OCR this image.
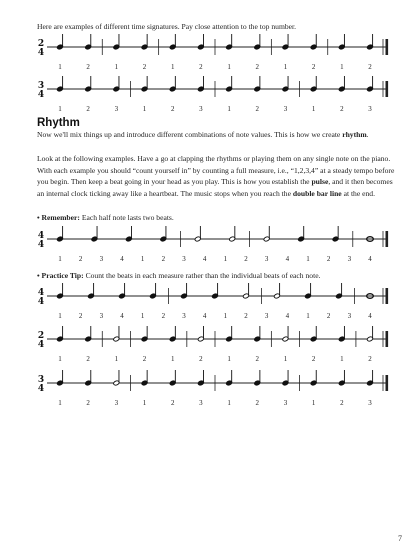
Here are examples of different time signatures. Pay close attention to the top number.
2
4
1	2	1	2	1	2	1	2	1	2	1	2
3
4
1	2	3	1	2	3	1	2	3	1	2	3
Rhythm
Now we'll mix things up and introduce different combinations of note values. This is how we create rhythm.
Look at the following examples. Have a go at clapping the rhythms or playing them on any single note on the piano. With each example you should “count yourself in” by counting a full measure, i.e., “1,2,3,4” at a steady tempo before you begin. Then keep a beat going in your head as you play. This is how you establish the pulse, and it then becomes an internal clock ticking away like a heartbeat. The music stops when you reach the double bar line at the end.
• Remember: Each half note lasts two beats.
4
4
1 2 3 4 1 2 3 4 1 2 3 4 1 2 3 4
• Practice Tip: Count the beats in each measure rather than the individual beats of each note.
4
4
1 2 3 4 1 2 3 4 1 2 3 4 1 2 3 4
2
4
1	2	1	2	1	2	1	2	1	2	1	2
3
4
1	2	3	1	2	3	1	2	3	1	2	3
7
